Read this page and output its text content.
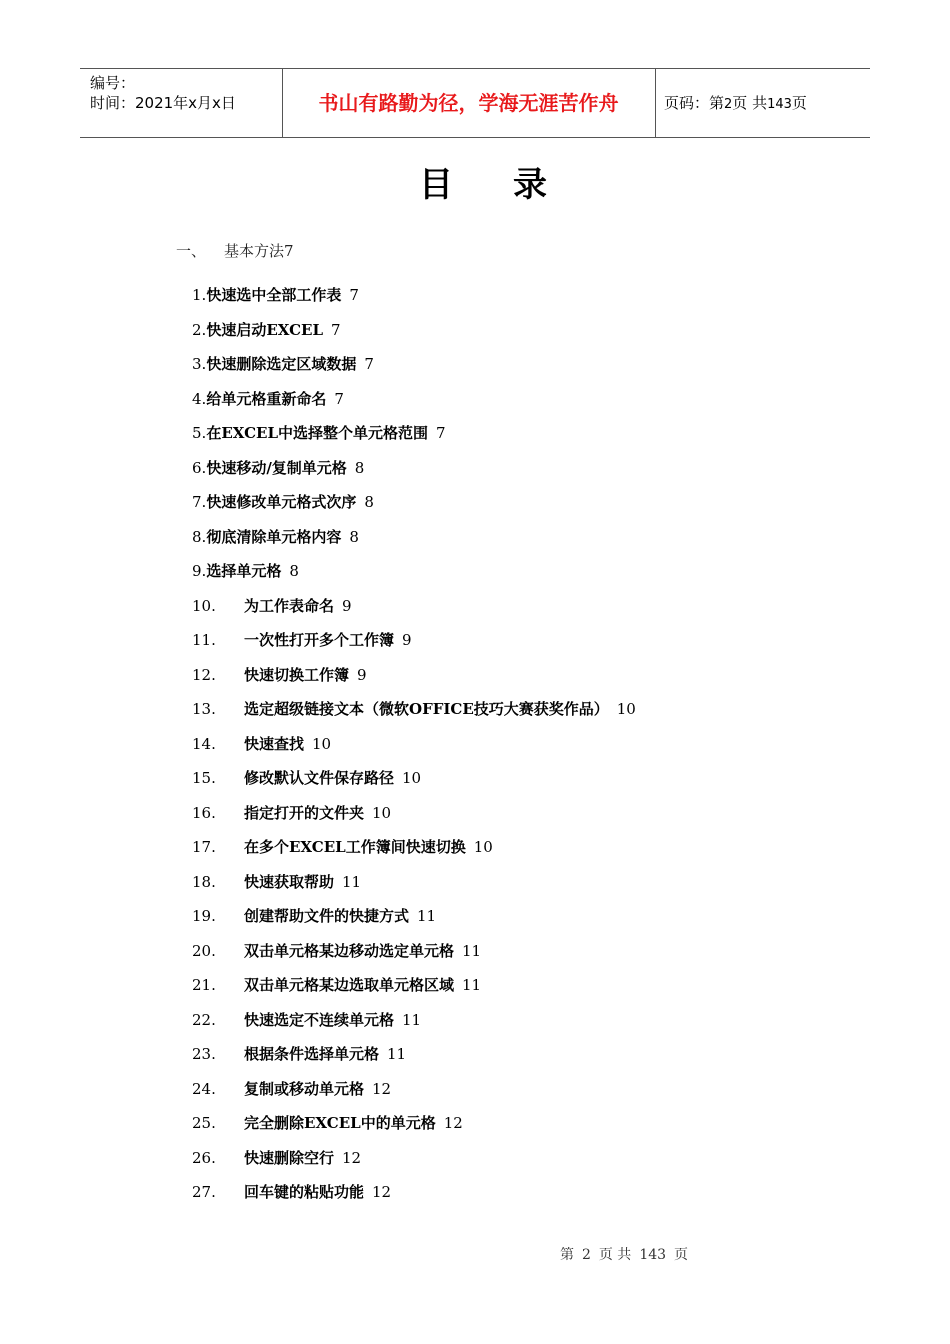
编号：
时间：2021年x月x日	书山有路勤为径，学海无涯苦作舟	页码：第2页 共143页
目录
一、 基本方法7
1.快速选中全部工作表 7
2.快速启动EXCEL 7
3.快速删除选定区域数据 7
4.给单元格重新命名 7
5.在EXCEL中选择整个单元格范围 7
6.快速移动/复制单元格 8
7.快速修改单元格式次序 8
8.彻底清除单元格内容 8
9.选择单元格 8
10. 为工作表命名 9
11. 一次性打开多个工作簿 9
12. 快速切换工作簿 9
13. 选定超级链接文本（微软OFFICE技巧大赛获奖作品） 10
14. 快速查找 10
15. 修改默认文件保存路径 10
16. 指定打开的文件夹 10
17. 在多个EXCEL工作簿间快速切换 10
18. 快速获取帮助 11
19. 创建帮助文件的快捷方式 11
20. 双击单元格某边移动选定单元格 11
21. 双击单元格某边选取单元格区域 11
22. 快速选定不连续单元格 11
23. 根据条件选择单元格 11
24. 复制或移动单元格 12
25. 完全删除EXCEL中的单元格 12
26. 快速删除空行 12
27. 回车键的粘贴功能 12
第 2 页 共 143 页
